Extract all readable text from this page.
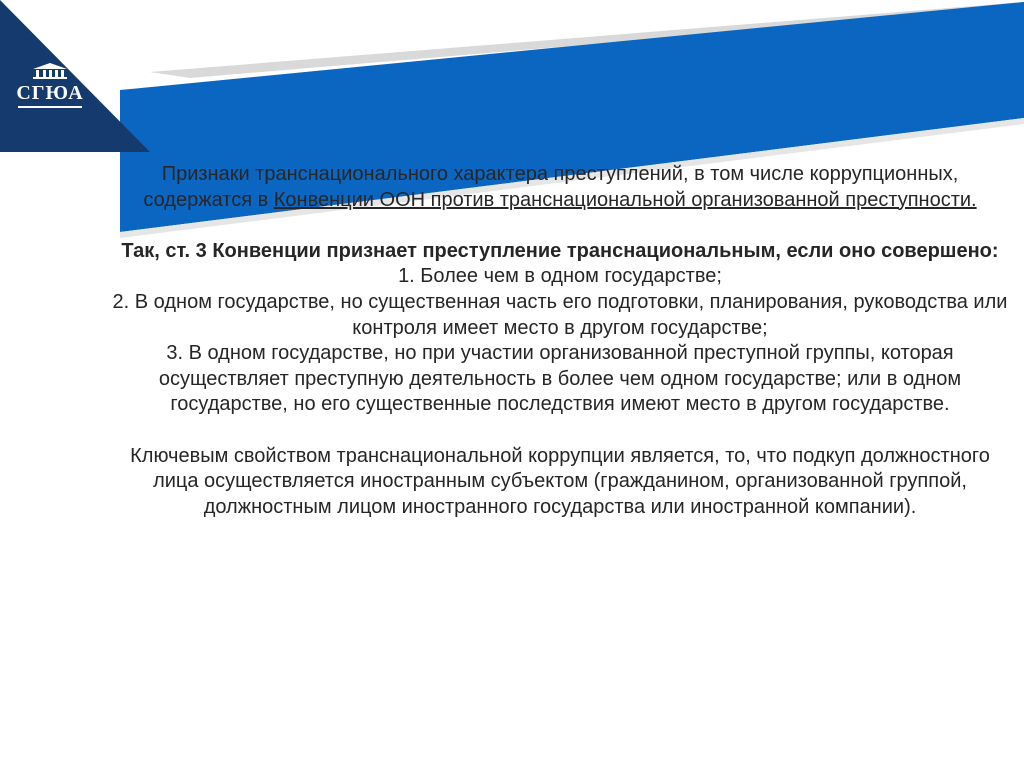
СГЮА

Признаки транснационального характера преступлений, в том числе коррупционных, содержатся в Конвенции ООН против транснациональной организованной преступности.

Так, ст. 3 Конвенции признает преступление транснациональным, если оно совершено:

1. Более чем в одном государстве;

2. В одном государстве, но существенная часть его подготовки, планирования, руководства или контроля имеет место в другом государстве;

3. В одном государстве, но при участии организованной преступной группы, которая осуществляет преступную деятельность в более чем одном государстве; или в одном государстве, но его существенные последствия имеют место в другом государстве.

Ключевым свойством транснациональной коррупции является, то, что подкуп должностного лица осуществляется иностранным субъектом (гражданином, организованной группой, должностным лицом иностранного государства или иностранной компании).
